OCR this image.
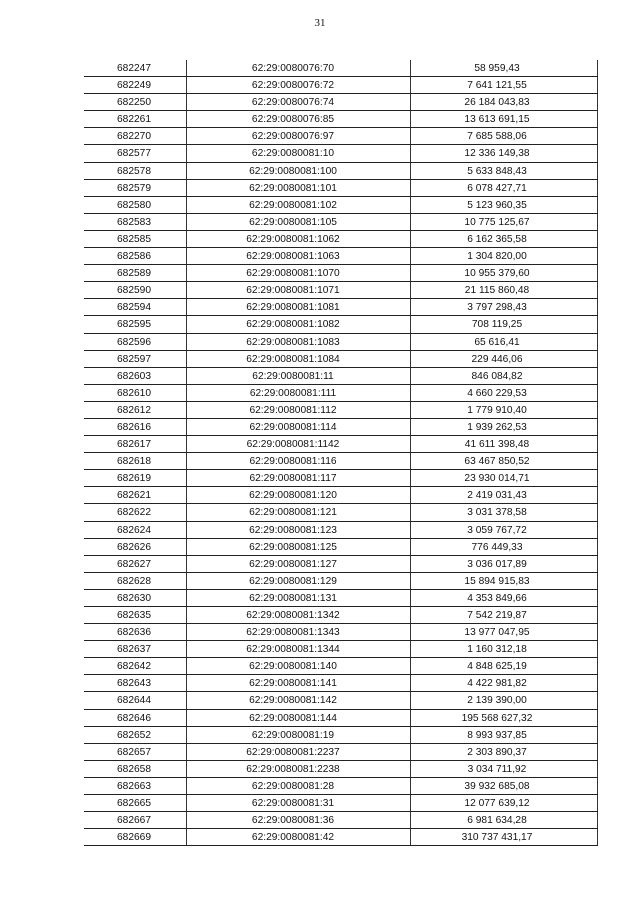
31
682247	62:29:0080076:70	58 959,43
682249	62:29:0080076:72	7 641 121,55
682250	62:29:0080076:74	26 184 043,83
682261	62:29:0080076:85	13 613 691,15
682270	62:29:0080076:97	7 685 588,06
682577	62:29:0080081:10	12 336 149,38
682578	62:29:0080081:100	5 633 848,43
682579	62:29:0080081:101	6 078 427,71
682580	62:29:0080081:102	5 123 960,35
682583	62:29:0080081:105	10 775 125,67
682585	62:29:0080081:1062	6 162 365,58
682586	62:29:0080081:1063	1 304 820,00
682589	62:29:0080081:1070	10 955 379,60
682590	62:29:0080081:1071	21 115 860,48
682594	62:29:0080081:1081	3 797 298,43
682595	62:29:0080081:1082	708 119,25
682596	62:29:0080081:1083	65 616,41
682597	62:29:0080081:1084	229 446,06
682603	62:29:0080081:11	846 084,82
682610	62:29:0080081:111	4 660 229,53
682612	62:29:0080081:112	1 779 910,40
682616	62:29:0080081:114	1 939 262,53
682617	62:29:0080081:1142	41 611 398,48
682618	62:29:0080081:116	63 467 850,52
682619	62:29:0080081:117	23 930 014,71
682621	62:29:0080081:120	2 419 031,43
682622	62:29:0080081:121	3 031 378,58
682624	62:29:0080081:123	3 059 767,72
682626	62:29:0080081:125	776 449,33
682627	62:29:0080081:127	3 036 017,89
682628	62:29:0080081:129	15 894 915,83
682630	62:29:0080081:131	4 353 849,66
682635	62:29:0080081:1342	7 542 219,87
682636	62:29:0080081:1343	13 977 047,95
682637	62:29:0080081:1344	1 160 312,18
682642	62:29:0080081:140	4 848 625,19
682643	62:29:0080081:141	4 422 981,82
682644	62:29:0080081:142	2 139 390,00
682646	62:29:0080081:144	195 568 627,32
682652	62:29:0080081:19	8 993 937,85
682657	62:29:0080081:2237	2 303 890,37
682658	62:29:0080081:2238	3 034 711,92
682663	62:29:0080081:28	39 932 685,08
682665	62:29:0080081:31	12 077 639,12
682667	62:29:0080081:36	6 981 634,28
682669	62:29:0080081:42	310 737 431,17
